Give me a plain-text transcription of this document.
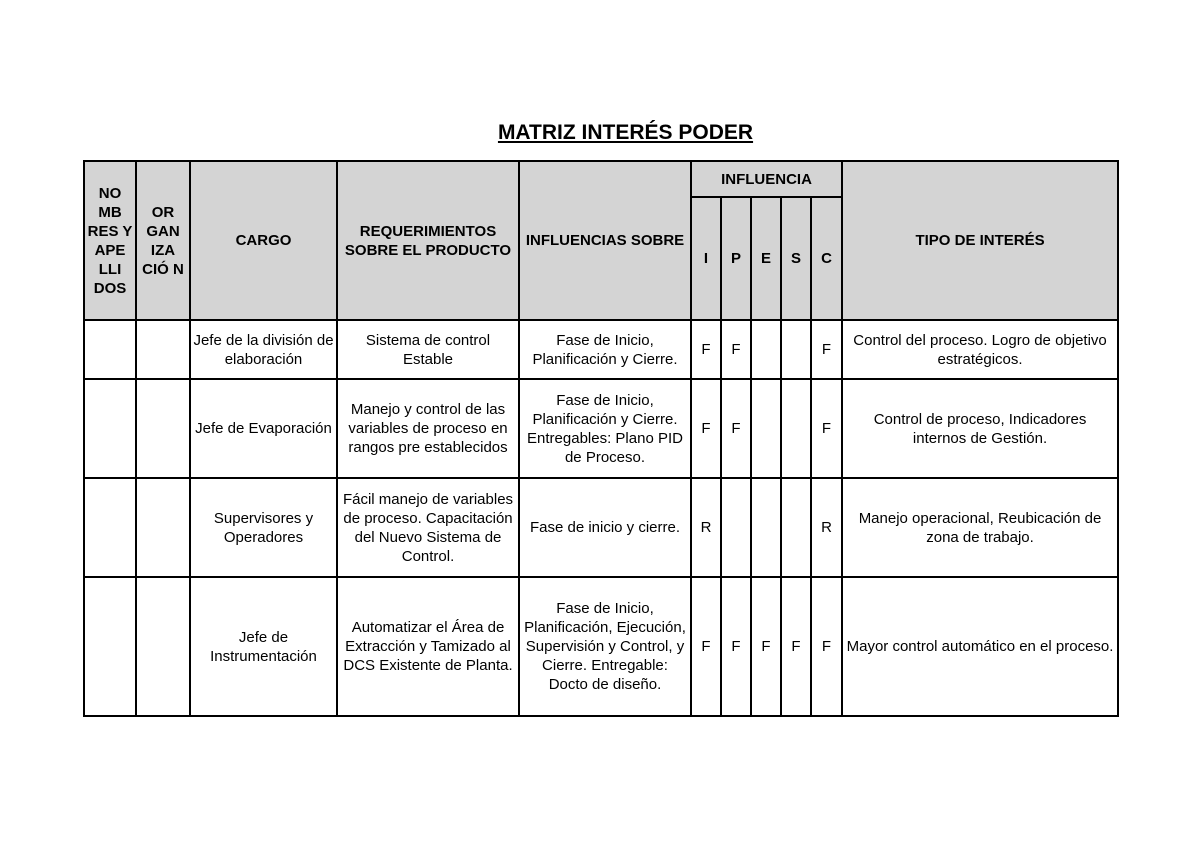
MATRIZ INTERÉS PODER
NO MB RES Y APE LLI DOS	OR GAN IZA CIÓ N	CARGO	REQUERIMIENTOS SOBRE EL PRODUCTO	INFLUENCIAS SOBRE	INFLUENCIA					TIPO DE INTERÉS
					I	P	E	S	C	
		Jefe de la división de elaboración	Sistema de control Estable	Fase de Inicio, Planificación y Cierre.	F	F			F	Control del proceso. Logro de objetivo estratégicos.
		Jefe de Evaporación	Manejo y control de las variables de proceso en rangos pre establecidos	Fase de Inicio, Planificación y Cierre. Entregables: Plano PID de Proceso.	F	F			F	Control de proceso, Indicadores internos de Gestión.
		Supervisores y Operadores	Fácil manejo de variables de proceso. Capacitación del Nuevo Sistema de Control.	Fase de inicio y cierre.	R				R	Manejo operacional, Reubicación de zona de trabajo.
		Jefe de Instrumentación	Automatizar el Área de Extracción y Tamizado al DCS Existente de Planta.	Fase de Inicio, Planificación, Ejecución, Supervisión y Control, y Cierre. Entregable: Docto de diseño.	F	F	F	F	F	Mayor control automático en el proceso.
